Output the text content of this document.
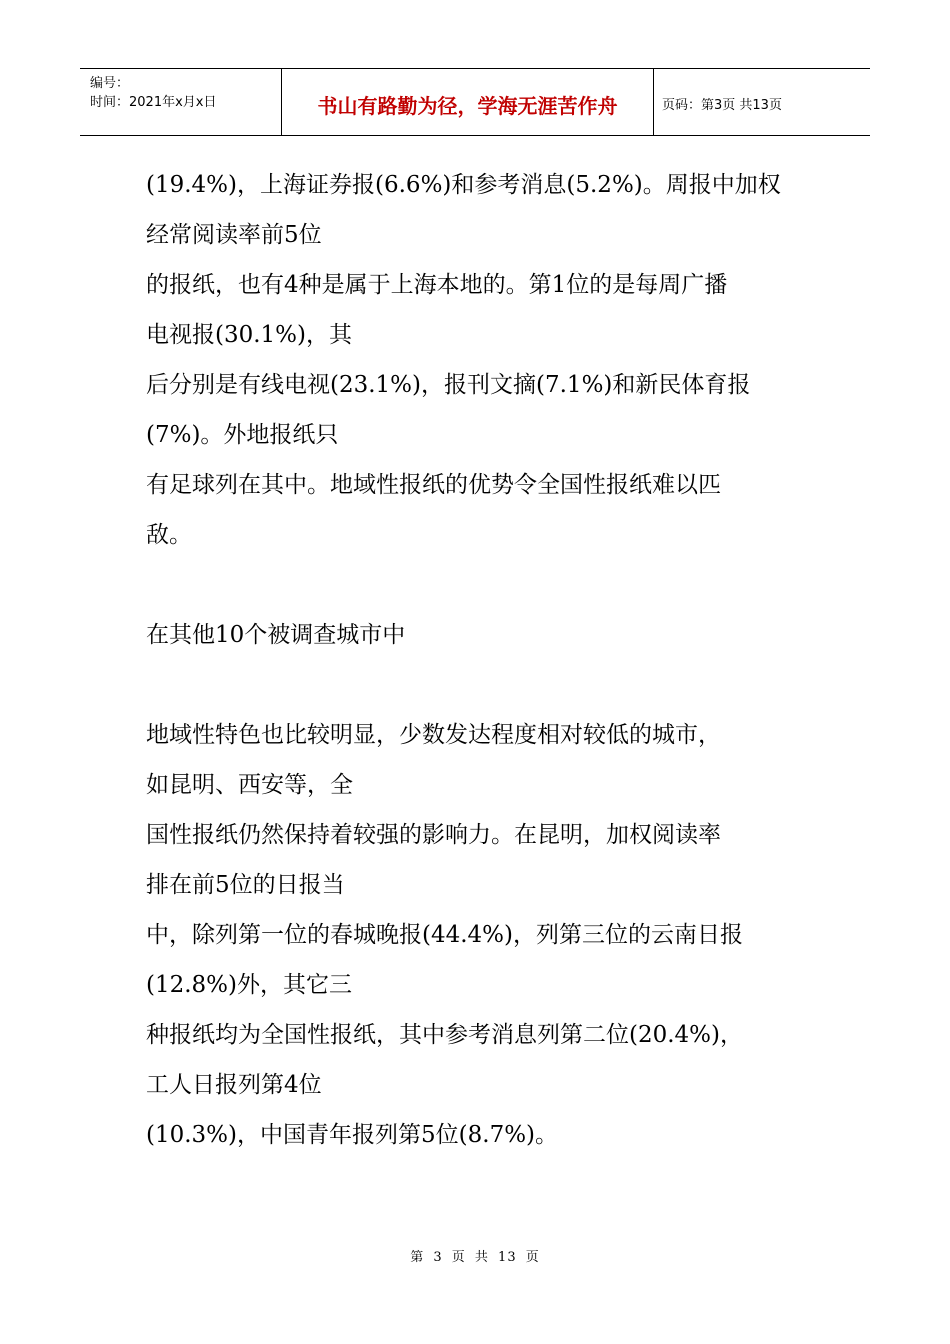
编号：
时间：2021年x月x日	书山有路勤为径，学海无涯苦作舟	页码：第3页 共13页

(19.4%)，上海证券报(6.6%)和参考消息(5.2%)。周报中加权

经常阅读率前5位

的报纸，也有4种是属于上海本地的。第1位的是每周广播

电视报(30.1%)，其

后分别是有线电视(23.1%)，报刊文摘(7.1%)和新民体育报

(7%)。外地报纸只

有足球列在其中。地域性报纸的优势令全国性报纸难以匹

敌。

在其他10个被调查城市中

地域性特色也比较明显，少数发达程度相对较低的城市，

如昆明、西安等，全

国性报纸仍然保持着较强的影响力。在昆明，加权阅读率

排在前5位的日报当

中，除列第一位的春城晚报(44.4%)，列第三位的云南日报

(12.8%)外，其它三

种报纸均为全国性报纸，其中参考消息列第二位(20.4%)，

工人日报列第4位

(10.3%)，中国青年报列第5位(8.7%)。

第 3 页 共 13 页
